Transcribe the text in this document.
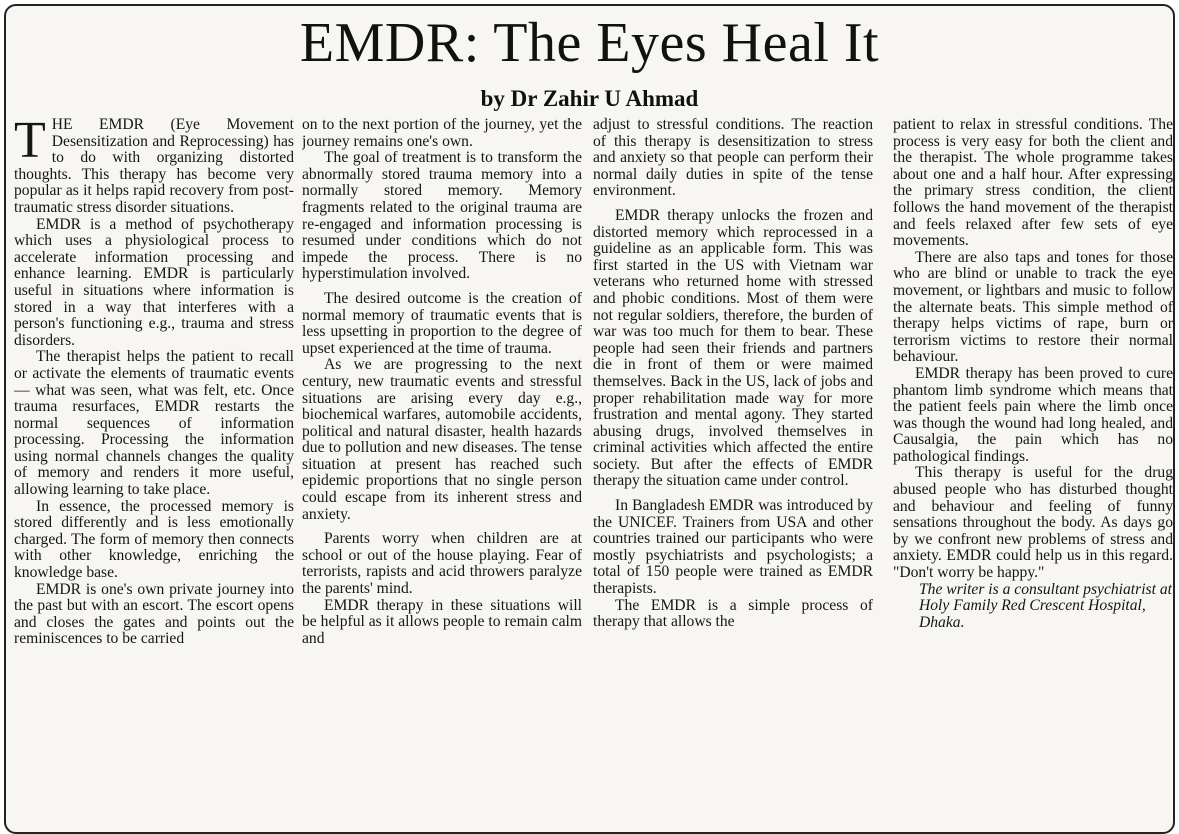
EMDR: The Eyes Heal It
by Dr Zahir U Ahmad

THE EMDR (Eye Movement Desensitization and Reprocessing) has to do with organizing distorted thoughts. This therapy has become very popular as it helps rapid recovery from post-traumatic stress disorder situations.

EMDR is a method of psychotherapy which uses a physiological process to accelerate information processing and enhance learning. EMDR is particularly useful in situations where information is stored in a way that interferes with a person's functioning e.g., trauma and stress disorders.

The therapist helps the patient to recall or activate the elements of traumatic events — what was seen, what was felt, etc. Once trauma resurfaces, EMDR restarts the normal sequences of information processing. Processing the information using normal channels changes the quality of memory and renders it more useful, allowing learning to take place.

In essence, the processed memory is stored differently and is less emotionally charged. The form of memory then connects with other knowledge, enriching the knowledge base.

EMDR is one's own private journey into the past but with an escort. The escort opens and closes the gates and points out the reminiscences to be carried

on to the next portion of the journey, yet the journey remains one's own.

The goal of treatment is to transform the abnormally stored trauma memory into a normally stored memory. Memory fragments related to the original trauma are re-engaged and information processing is resumed under conditions which do not impede the process. There is no hyperstimulation involved.

The desired outcome is the creation of normal memory of traumatic events that is less upsetting in proportion to the degree of upset experienced at the time of trauma.

As we are progressing to the next century, new traumatic events and stressful situations are arising every day e.g., biochemical warfares, automobile accidents, political and natural disaster, health hazards due to pollution and new diseases. The tense situation at present has reached such epidemic proportions that no single person could escape from its inherent stress and anxiety.

Parents worry when children are at school or out of the house playing. Fear of terrorists, rapists and acid throwers paralyze the parents' mind.

EMDR therapy in these situations will be helpful as it allows people to remain calm and

adjust to stressful conditions. The reaction of this therapy is desensitization to stress and anxiety so that people can perform their normal daily duties in spite of the tense environment.

EMDR therapy unlocks the frozen and distorted memory which reprocessed in a guideline as an applicable form. This was first started in the US with Vietnam war veterans who returned home with stressed and phobic conditions. Most of them were not regular soldiers, therefore, the burden of war was too much for them to bear. These people had seen their friends and partners die in front of them or were maimed themselves. Back in the US, lack of jobs and proper rehabilitation made way for more frustration and mental agony. They started abusing drugs, involved themselves in criminal activities which affected the entire society. But after the effects of EMDR therapy the situation came under control.

In Bangladesh EMDR was introduced by the UNICEF. Trainers from USA and other countries trained our participants who were mostly psychiatrists and psychologists; a total of 150 people were trained as EMDR therapists.

The EMDR is a simple process of therapy that allows the

patient to relax in stressful conditions. The process is very easy for both the client and the therapist. The whole programme takes about one and a half hour. After expressing the primary stress condition, the client follows the hand movement of the therapist and feels relaxed after few sets of eye movements.

There are also taps and tones for those who are blind or unable to track the eye movement, or lightbars and music to follow the alternate beats. This simple method of therapy helps victims of rape, burn or terrorism victims to restore their normal behaviour.

EMDR therapy has been proved to cure phantom limb syndrome which means that the patient feels pain where the limb once was though the wound had long healed, and Causalgia, the pain which has no pathological findings.

This therapy is useful for the drug abused people who has disturbed thought and behaviour and feeling of funny sensations throughout the body. As days go by we confront new problems of stress and anxiety. EMDR could help us in this regard. "Don't worry be happy."

The writer is a consultant psychiatrist at Holy Family Red Crescent Hospital, Dhaka.
